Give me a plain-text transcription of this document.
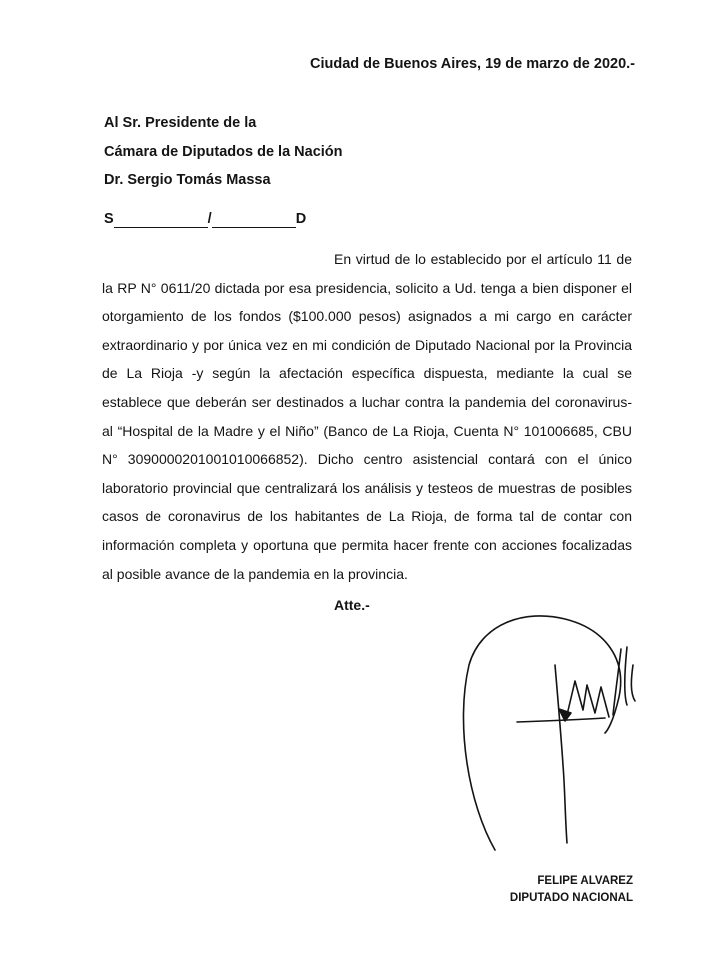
Ciudad de Buenos Aires, 19 de marzo de 2020.-
Al Sr. Presidente de la
Cámara de Diputados de la Nación
Dr. Sergio Tomás Massa
S	/	D

En virtud de lo establecido por el artículo 11 de la RP N° 0611/20 dictada por esa presidencia, solicito a Ud. tenga a bien disponer el otorgamiento de los fondos ($100.000 pesos) asignados a mi cargo en carácter extraordinario y por única vez en mi condición de Diputado Nacional por la Provincia de La Rioja -y según la afectación específica dispuesta, mediante la cual se establece que deberán ser destinados a luchar contra la pandemia del coronavirus- al “Hospital de la Madre y el Niño” (Banco de La Rioja, Cuenta N° 101006685, CBU N° 3090000201001010066852). Dicho centro asistencial contará con el único laboratorio provincial que centralizará los análisis y testeos de muestras de posibles casos de coronavirus de los habitantes de La Rioja, de forma tal de contar con información completa y oportuna que permita hacer frente con acciones focalizadas al posible avance de la pandemia en la provincia.

Atte.-
FELIPE ALVAREZ
DIPUTADO NACIONAL
